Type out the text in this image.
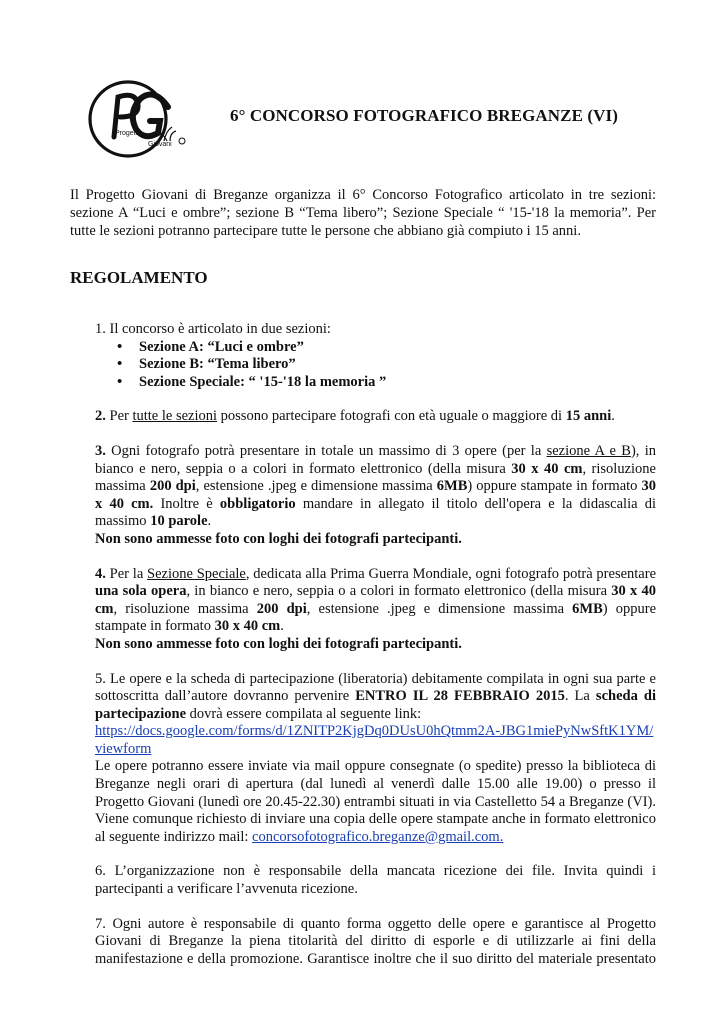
Progetto
Giovani
6° CONCORSO FOTOGRAFICO BREGANZE (VI)

Il Progetto Giovani di Breganze organizza il 6° Concorso Fotografico articolato in tre sezioni: sezione A “Luci e ombre”; sezione B “Tema libero”; Sezione Speciale “ '15-'18 la memoria”. Per tutte le sezioni potranno partecipare tutte le persone che abbiano già compiuto i 15 anni.

REGOLAMENTO

1. Il concorso è articolato in due sezioni:

• Sezione A: “Luci e ombre”
• Sezione B: “Tema libero”
• Sezione Speciale: “ '15-'18 la memoria ”

2. Per tutte le sezioni possono partecipare fotografi con età uguale o maggiore di 15 anni.

3. Ogni fotografo potrà presentare in totale un massimo di 3 opere (per la sezione A e B), in bianco e nero, seppia o a colori in formato elettronico (della misura 30 x 40 cm, risoluzione massima 200 dpi, estensione .jpeg e dimensione massima 6MB) oppure stampate in formato 30 x 40 cm. Inoltre è obbligatorio mandare in allegato il titolo dell'opera e la didascalia di massimo 10 parole.

Non sono ammesse foto con loghi dei fotografi partecipanti.

4. Per la Sezione Speciale, dedicata alla Prima Guerra Mondiale, ogni fotografo potrà presentare una sola opera, in bianco e nero, seppia o a colori in formato elettronico (della misura 30 x 40 cm, risoluzione massima 200 dpi, estensione .jpeg e dimensione massima 6MB) oppure stampate in formato 30 x 40 cm.

Non sono ammesse foto con loghi dei fotografi partecipanti.

5. Le opere e la scheda di partecipazione (liberatoria) debitamente compilata in ogni sua parte e sottoscritta dall’autore dovranno pervenire ENTRO IL 28 FEBBRAIO 2015. La scheda di partecipazione dovrà essere compilata al seguente link:

https://docs.google.com/forms/d/1ZNITP2KjgDq0DUsU0hQtmm2A-JBG1miePyNwSftK1YM/viewform

Le opere potranno essere inviate via mail oppure consegnate (o spedite) presso la biblioteca di Breganze negli orari di apertura (dal lunedì al venerdì dalle 15.00 alle 19.00) o presso il Progetto Giovani (lunedì ore 20.45-22.30) entrambi situati in via Castelletto 54 a Breganze (VI). Viene comunque richiesto di inviare una copia delle opere stampate anche in formato elettronico al seguente indirizzo mail: concorsofotografico.breganze@gmail.com.

6. L’organizzazione non è responsabile della mancata ricezione dei file. Invita quindi i partecipanti a verificare l’avvenuta ricezione.

7. Ogni autore è responsabile di quanto forma oggetto delle opere e garantisce al Progetto Giovani di Breganze la piena titolarità del diritto di esporle e di utilizzarle ai fini della manifestazione e della promozione. Garantisce inoltre che il suo diritto del materiale presentato
